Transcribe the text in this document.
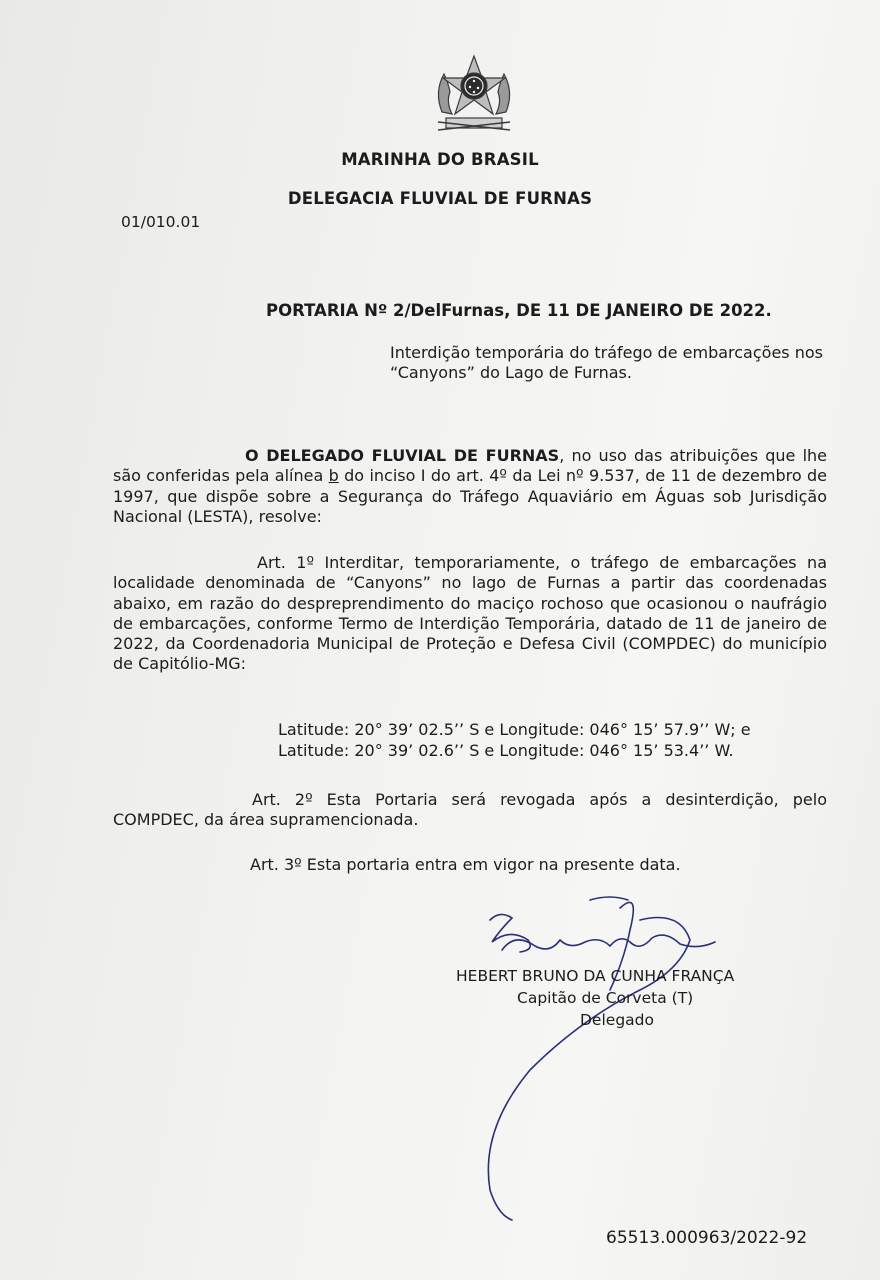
MARINHA DO BRASIL
DELEGACIA FLUVIAL DE FURNAS
01/010.01
PORTARIA Nº 2/DelFurnas, DE 11 DE JANEIRO DE 2022.
Interdição temporária do tráfego de embarcações nos “Canyons” do Lago de Furnas.
O DELEGADO FLUVIAL DE FURNAS, no uso das atribuições que lhe são conferidas pela alínea b do inciso I do art. 4º da Lei nº 9.537, de 11 de dezembro de 1997, que dispõe sobre a Segurança do Tráfego Aquaviário em Águas sob Jurisdição Nacional (LESTA), resolve:
Art. 1º Interditar, temporariamente, o tráfego de embarcações na localidade denominada de “Canyons” no lago de Furnas a partir das coordenadas abaixo, em razão do despreprendimento do maciço rochoso que ocasionou o naufrágio de embarcações, conforme Termo de Interdição Temporária, datado de 11 de janeiro de 2022, da Coordenadoria Municipal de Proteção e Defesa Civil (COMPDEC) do município de Capitólio-MG:
Latitude: 20° 39’ 02.5’’ S e Longitude: 046° 15’ 57.9’’ W; e
Latitude: 20° 39’ 02.6’’ S e Longitude: 046° 15’ 53.4’’ W.
Art. 2º Esta Portaria será revogada após a desinterdição, pelo COMPDEC, da área supramencionada.
Art. 3º Esta portaria entra em vigor na presente data.
HEBERT BRUNO DA CUNHA FRANÇA
Capitão de Corveta (T)
Delegado
65513.000963/2022-92
